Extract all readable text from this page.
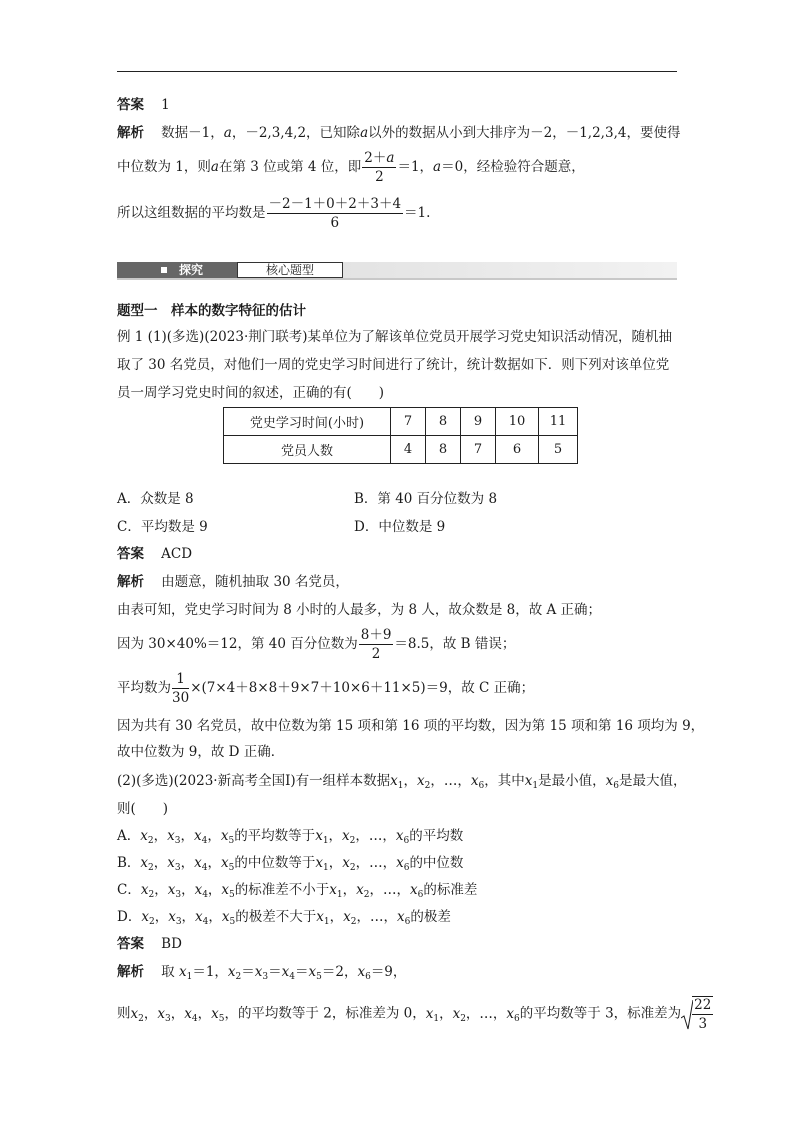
答案 1
解析 数据－1，a，－2,3,4,2，已知除a以外的数据从小到大排序为－2，－1,2,3,4，要使得
中位数为 1，则a在第 3 位或第 4 位，即 $\frac{2+a}{2} =1$，a＝0，经检验符合题意，
所以这组数据的平均数是 $\frac{-2-1+0+2+3+4}{6} =1$.
探究	核心题型
题型一　样本的数字特征的估计
例 1 (1)(多选)(2023·荆门联考)某单位为了解该单位党员开展学习党史知识活动情况，随机抽
取了 30 名党员，对他们一周的党史学习时间进行了统计，统计数据如下．则下列对该单位党
员一周学习党史时间的叙述，正确的有(　　)
党史学习时间(小时)	7	8	9	10	11
党员人数	4	8	7	6	5
A．众数是 8	B．第 40 百分位数为 8
C．平均数是 9	D．中位数是 9
答案 ACD
解析 由题意，随机抽取 30 名党员，
由表可知，党史学习时间为 8 小时的人最多，为 8 人，故众数是 8，故 A 正确；
因为 30×40%＝12，第 40 百分位数为 $\frac{8+9}{2} =8.5$，故 B 错误；
平均数为 $\frac{1}{30} \times(7\times 4+8\times 8+9\times 7+10\times 6+11\times 5)=9$，故 C 正确；
因为共有 30 名党员，故中位数为第 15 项和第 16 项的平均数，因为第 15 项和第 16 项均为 9，
故中位数为 9，故 D 正确．
(2)(多选)(2023·新高考全国Ⅰ)有一组样本数据$x_1$，$x_2$，…，$x_6$，其中$x_1$是最小值，$x_6$是最大值，
则(　　)
A．$x_2$，$x_3$，$x_4$，$x_5$的平均数等于$x_1$，$x_2$，…，$x_6$的平均数
B．$x_2$，$x_3$，$x_4$，$x_5$的中位数等于$x_1$，$x_2$，…，$x_6$的中位数
C．$x_2$，$x_3$，$x_4$，$x_5$的标准差不小于$x_1$，$x_2$，…，$x_6$的标准差
D．$x_2$，$x_3$，$x_4$，$x_5$的极差不大于$x_1$，$x_2$，…，$x_6$的极差
答案 BD
解析 取 $x_1=1$，$x_2=x_3=x_4=x_5=2$，$x_6=9$，
则$x_2$，$x_3$，$x_4$，$x_5$，的平均数等于 2，标准差为 0，$x_1$，$x_2$，…，$x_6$的平均数等于 3，标准差为 $\frac{22}{3}$
